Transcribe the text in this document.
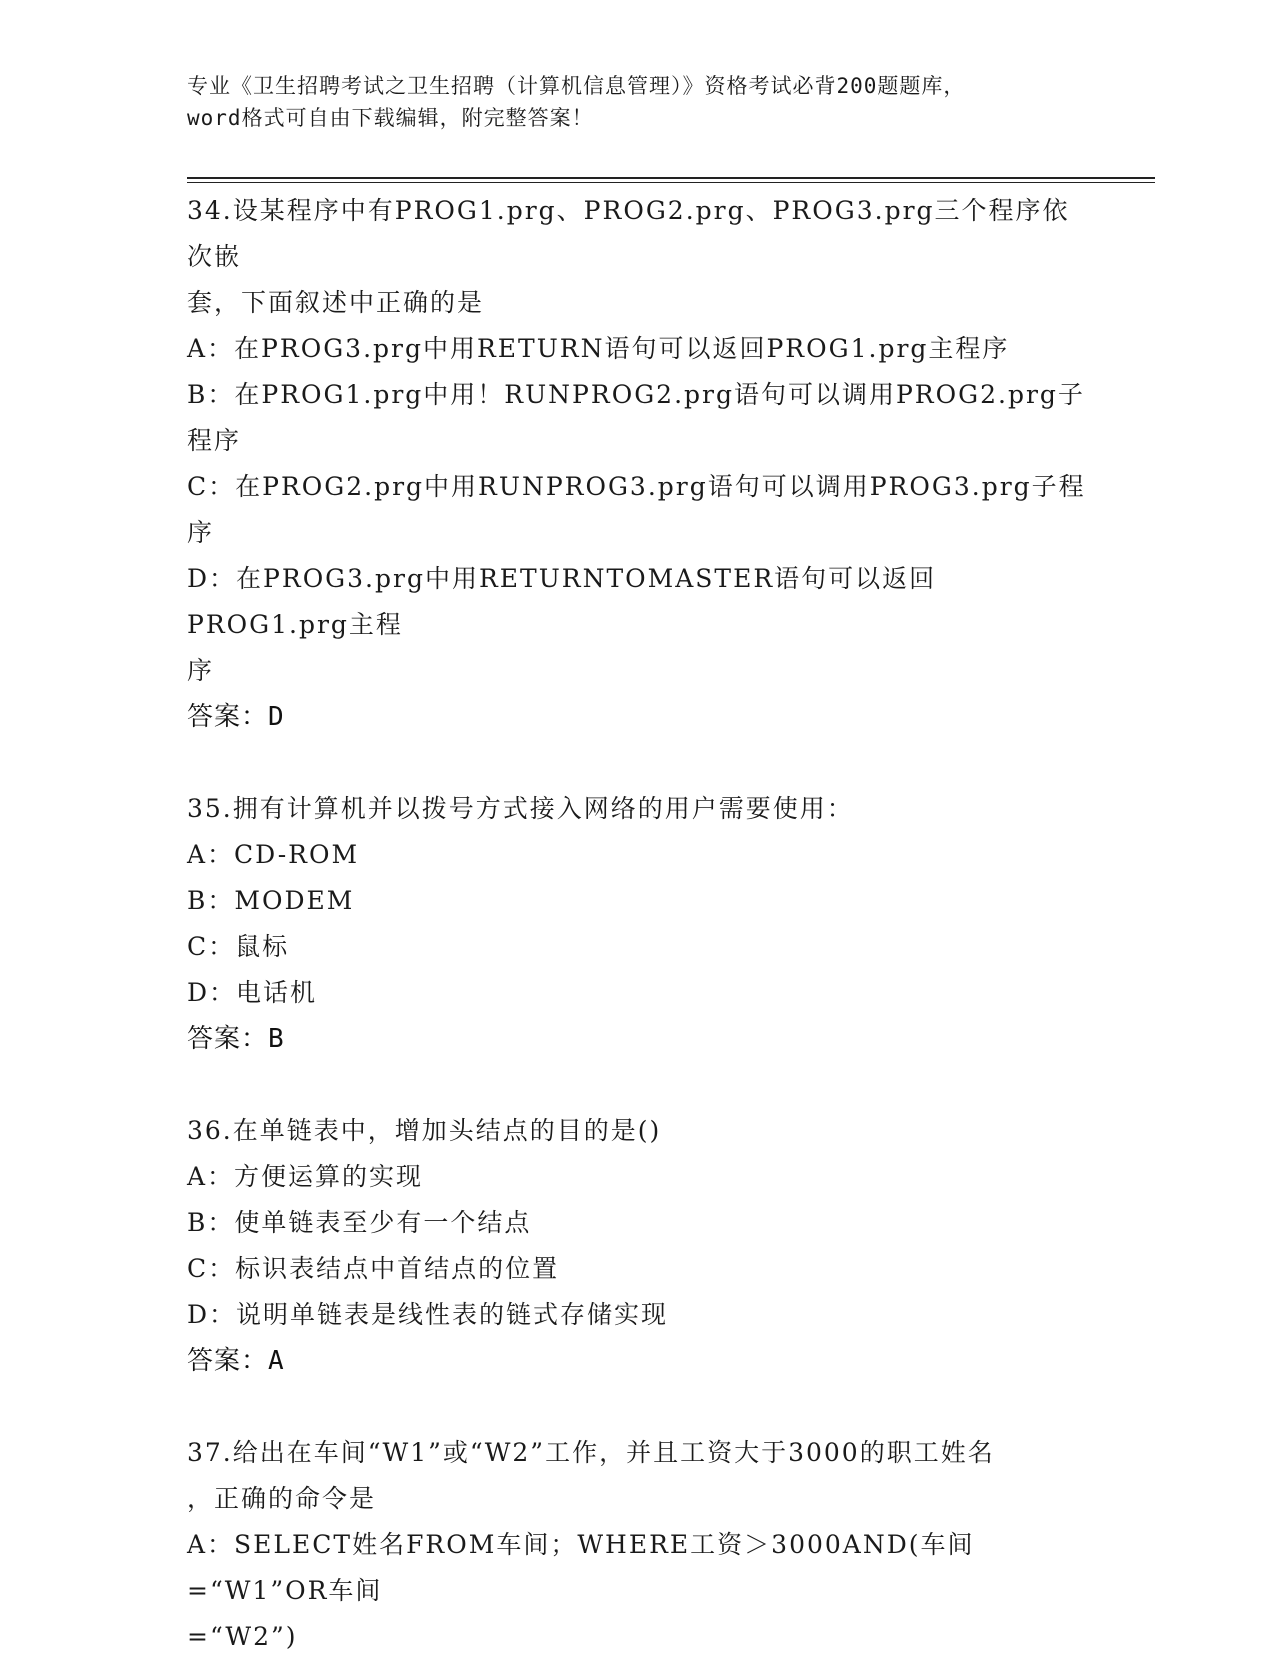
专业《卫生招聘考试之卫生招聘（计算机信息管理）》资格考试必背200题题库，
word格式可自由下载编辑，附完整答案！
34.设某程序中有PROG1.prg、PROG2.prg、PROG3.prg三个程序依次嵌
套，下面叙述中正确的是
A：在PROG3.prg中用RETURN语句可以返回PROG1.prg主程序
B：在PROG1.prg中用！RUNPROG2.prg语句可以调用PROG2.prg子程序
C：在PROG2.prg中用RUNPROG3.prg语句可以调用PROG3.prg子程序
D：在PROG3.prg中用RETURNTOMASTER语句可以返回PROG1.prg主程
序
答案：D
35.拥有计算机并以拨号方式接入网络的用户需要使用：
A：CD-ROM
B：MODEM
C：鼠标
D：电话机
答案：B
36.在单链表中，增加头结点的目的是()
A：方便运算的实现
B：使单链表至少有一个结点
C：标识表结点中首结点的位置
D：说明单链表是线性表的链式存储实现
答案：A
37.给出在车间“W1”或“W2”工作，并且工资大于3000的职工姓名
，正确的命令是
A：SELECT姓名FROM车间；WHERE工资＞3000AND(车间=“W1”OR车间
=“W2”)
